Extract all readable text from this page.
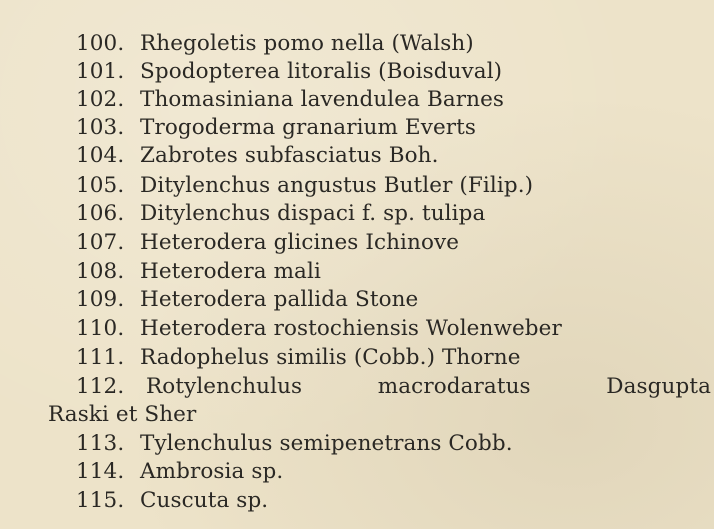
100. Rhegoletis pomo nella (Walsh)
101. Spodopterea litoralis (Boisduval)
102. Thomasiniana lavendulea Barnes
103. Trogoderma granarium Everts
104. Zabrotes subfasciatus Boh.
105. Ditylenchus angustus Butler (Filip.)
106. Ditylenchus dispaci f. sp. tulipa
107. Heterodera glicines Ichinove
108. Heterodera mali
109. Heterodera pallida Stone
110. Heterodera rostochiensis Wolenweber
111. Radophelus similis (Cobb.) Thorne
112.	Rotylenchulus macrodaratus Dasgupta
Raski et Sher
113. Tylenchulus semipenetrans Cobb.
114. Ambrosia sp.
115. Cuscuta sp.
